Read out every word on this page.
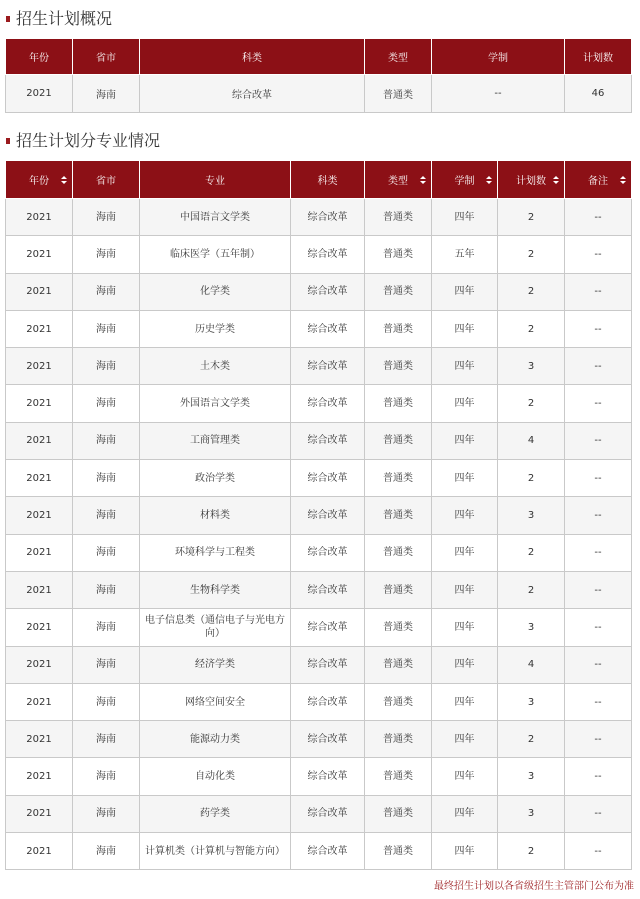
招生计划概况
年份	省市	科类	类型	学制	计划数
2021	海南	综合改革	普通类	--	46
招生计划分专业情况
年份	省市	专业	科类	类型	学制	计划数	备注

2021	海南	中国语言文学类	综合改革	普通类	四年	2	--
2021	海南	临床医学（五年制）	综合改革	普通类	五年	2	--
2021	海南	化学类	综合改革	普通类	四年	2	--
2021	海南	历史学类	综合改革	普通类	四年	2	--
2021	海南	土木类	综合改革	普通类	四年	3	--
2021	海南	外国语言文学类	综合改革	普通类	四年	2	--
2021	海南	工商管理类	综合改革	普通类	四年	4	--
2021	海南	政治学类	综合改革	普通类	四年	2	--
2021	海南	材料类	综合改革	普通类	四年	3	--
2021	海南	环境科学与工程类	综合改革	普通类	四年	2	--
2021	海南	生物科学类	综合改革	普通类	四年	2	--
2021	海南	电子信息类（通信电子与光电方向）	综合改革	普通类	四年	3	--
2021	海南	经济学类	综合改革	普通类	四年	4	--
2021	海南	网络空间安全	综合改革	普通类	四年	3	--
2021	海南	能源动力类	综合改革	普通类	四年	2	--
2021	海南	自动化类	综合改革	普通类	四年	3	--
2021	海南	药学类	综合改革	普通类	四年	3	--
2021	海南	计算机类（计算机与智能方向）	综合改革	普通类	四年	2	--
最终招生计划以各省级招生主管部门公布为准
